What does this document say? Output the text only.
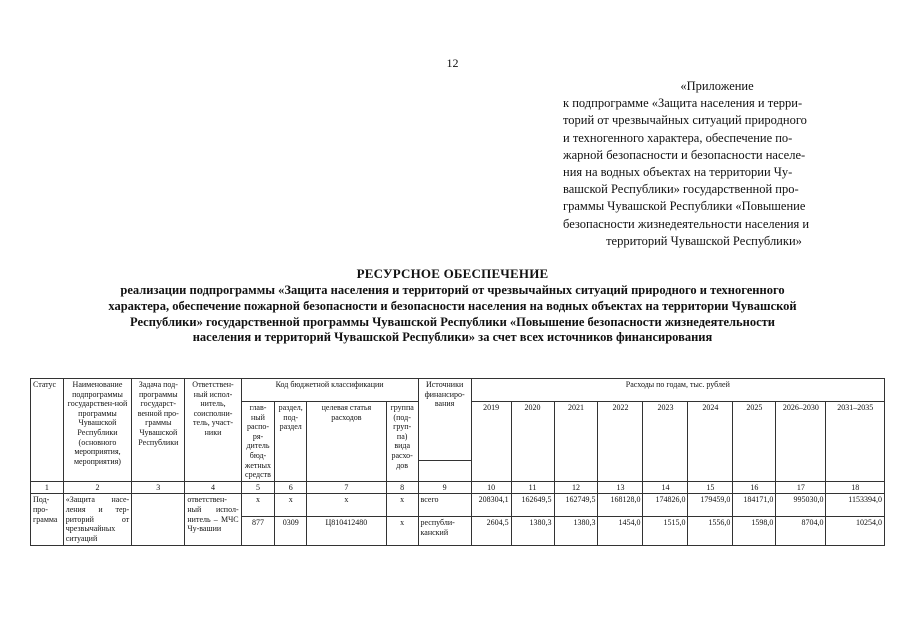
12
«Приложение
к подпрограмме «Защита населения и терри-
торий от чрезвычайных ситуаций природного
и техногенного характера, обеспечение по-
жарной безопасности и безопасности населе-
ния на водных объектах на территории Чу-
вашской Республики» государственной про-
граммы Чувашской Республики «Повышение
безопасности жизнедеятельности населения и
территорий Чувашской Республики»
РЕСУРСНОЕ ОБЕСПЕЧЕНИЕ
реализации подпрограммы «Защита населения и территорий от чрезвычайных ситуаций природного и техногенного
характера, обеспечение пожарной безопасности и безопасности населения на водных объектах на территории Чувашской
Республики» государственной программы Чувашской Республики «Повышение безопасности жизнедеятельности
населения и территорий Чувашской Республики» за счет всех источников финансирования
Статус	Наименование подпрограммы государствен-ной программы Чувашской Республики (основного мероприятия, мероприятия)	Задача под-программы государст-венной про-граммы Чувашской Республики	Ответствен-ный испол-нитель, соисполни-тель, участ-ники	Код бюджетной классификации				Источники финансиро-вания	Расходы по годам, тыс. рублей								
				глав-ный распо-ря-дитель бюд-жетных средств	раздел, под-раздел	целевая статья расходов	группа (под-груп-па) вида расхо-дов		2019	2020	2021	2022	2023	2024	2025	2026–2030	2031–2035

1	2	3	4	5	6	7	8	9	10	11	12	13	14	15	16	17	18
Под-про-грамма	«Защита насе-ления и тер-риторий от чрезвычайных ситуаций		ответствен-ный испол-нитель – МЧС Чу-вашии	x	x	x	x	всего	208304,1	162649,5	162749,5	168128,0	174826,0	179459,0	184171,0	995030,0	1153394,0
				877	0309	Ц810412480	x	республи-канский	2604,5	1380,3	1380,3	1454,0	1515,0	1556,0	1598,0	8704,0	10254,0
